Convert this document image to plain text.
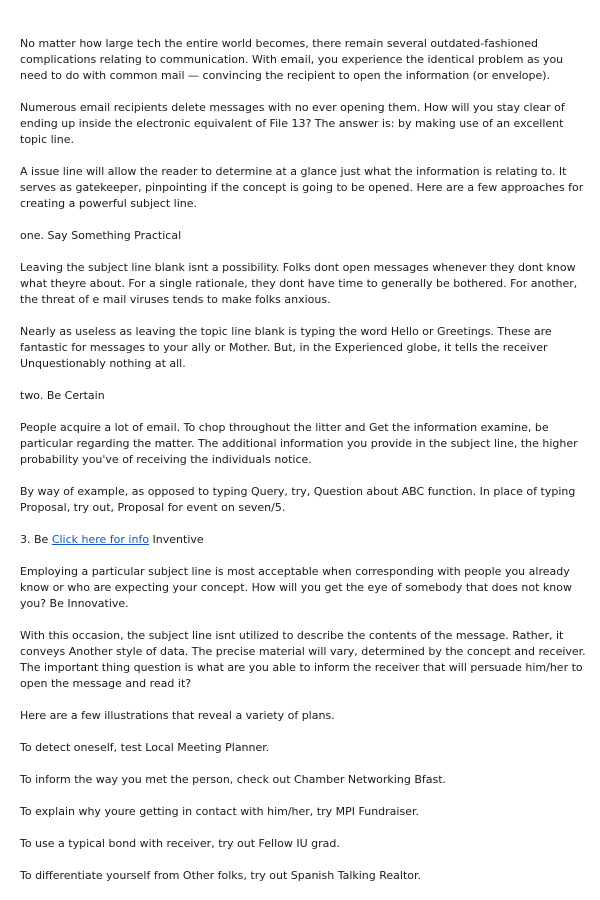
No matter how large tech the entire world becomes, there remain several outdated-fashioned complications relating to communication. With email, you experience the identical problem as you need to do with common mail — convincing the recipient to open the information (or envelope).

Numerous email recipients delete messages with no ever opening them. How will you stay clear of ending up inside the electronic equivalent of File 13? The answer is: by making use of an excellent topic line.

A issue line will allow the reader to determine at a glance just what the information is relating to. It serves as gatekeeper, pinpointing if the concept is going to be opened. Here are a few approaches for creating a powerful subject line.

one. Say Something Practical

Leaving the subject line blank isnt a possibility. Folks dont open messages whenever they dont know what theyre about. For a single rationale, they dont have time to generally be bothered. For another, the threat of e mail viruses tends to make folks anxious.

Nearly as useless as leaving the topic line blank is typing the word Hello or Greetings. These are fantastic for messages to your ally or Mother. But, in the Experienced globe, it tells the receiver Unquestionably nothing at all.

two. Be Certain

People acquire a lot of email. To chop throughout the litter and Get the information examine, be particular regarding the matter. The additional information you provide in the subject line, the higher probability you've of receiving the individuals notice.

By way of example, as opposed to typing Query, try, Question about ABC function. In place of typing Proposal, try out, Proposal for event on seven/5.

3. Be Click here for info Inventive

Employing a particular subject line is most acceptable when corresponding with people you already know or who are expecting your concept. How will you get the eye of somebody that does not know you? Be Innovative.

With this occasion, the subject line isnt utilized to describe the contents of the message. Rather, it conveys Another style of data. The precise material will vary, determined by the concept and receiver. The important thing question is what are you able to inform the receiver that will persuade him/her to open the message and read it?

Here are a few illustrations that reveal a variety of plans.

To detect oneself, test Local Meeting Planner.

To inform the way you met the person, check out Chamber Networking Bfast.

To explain why youre getting in contact with him/her, try MPI Fundraiser.

To use a typical bond with receiver, try out Fellow IU grad.

To differentiate yourself from Other folks, try out Spanish Talking Realtor.
